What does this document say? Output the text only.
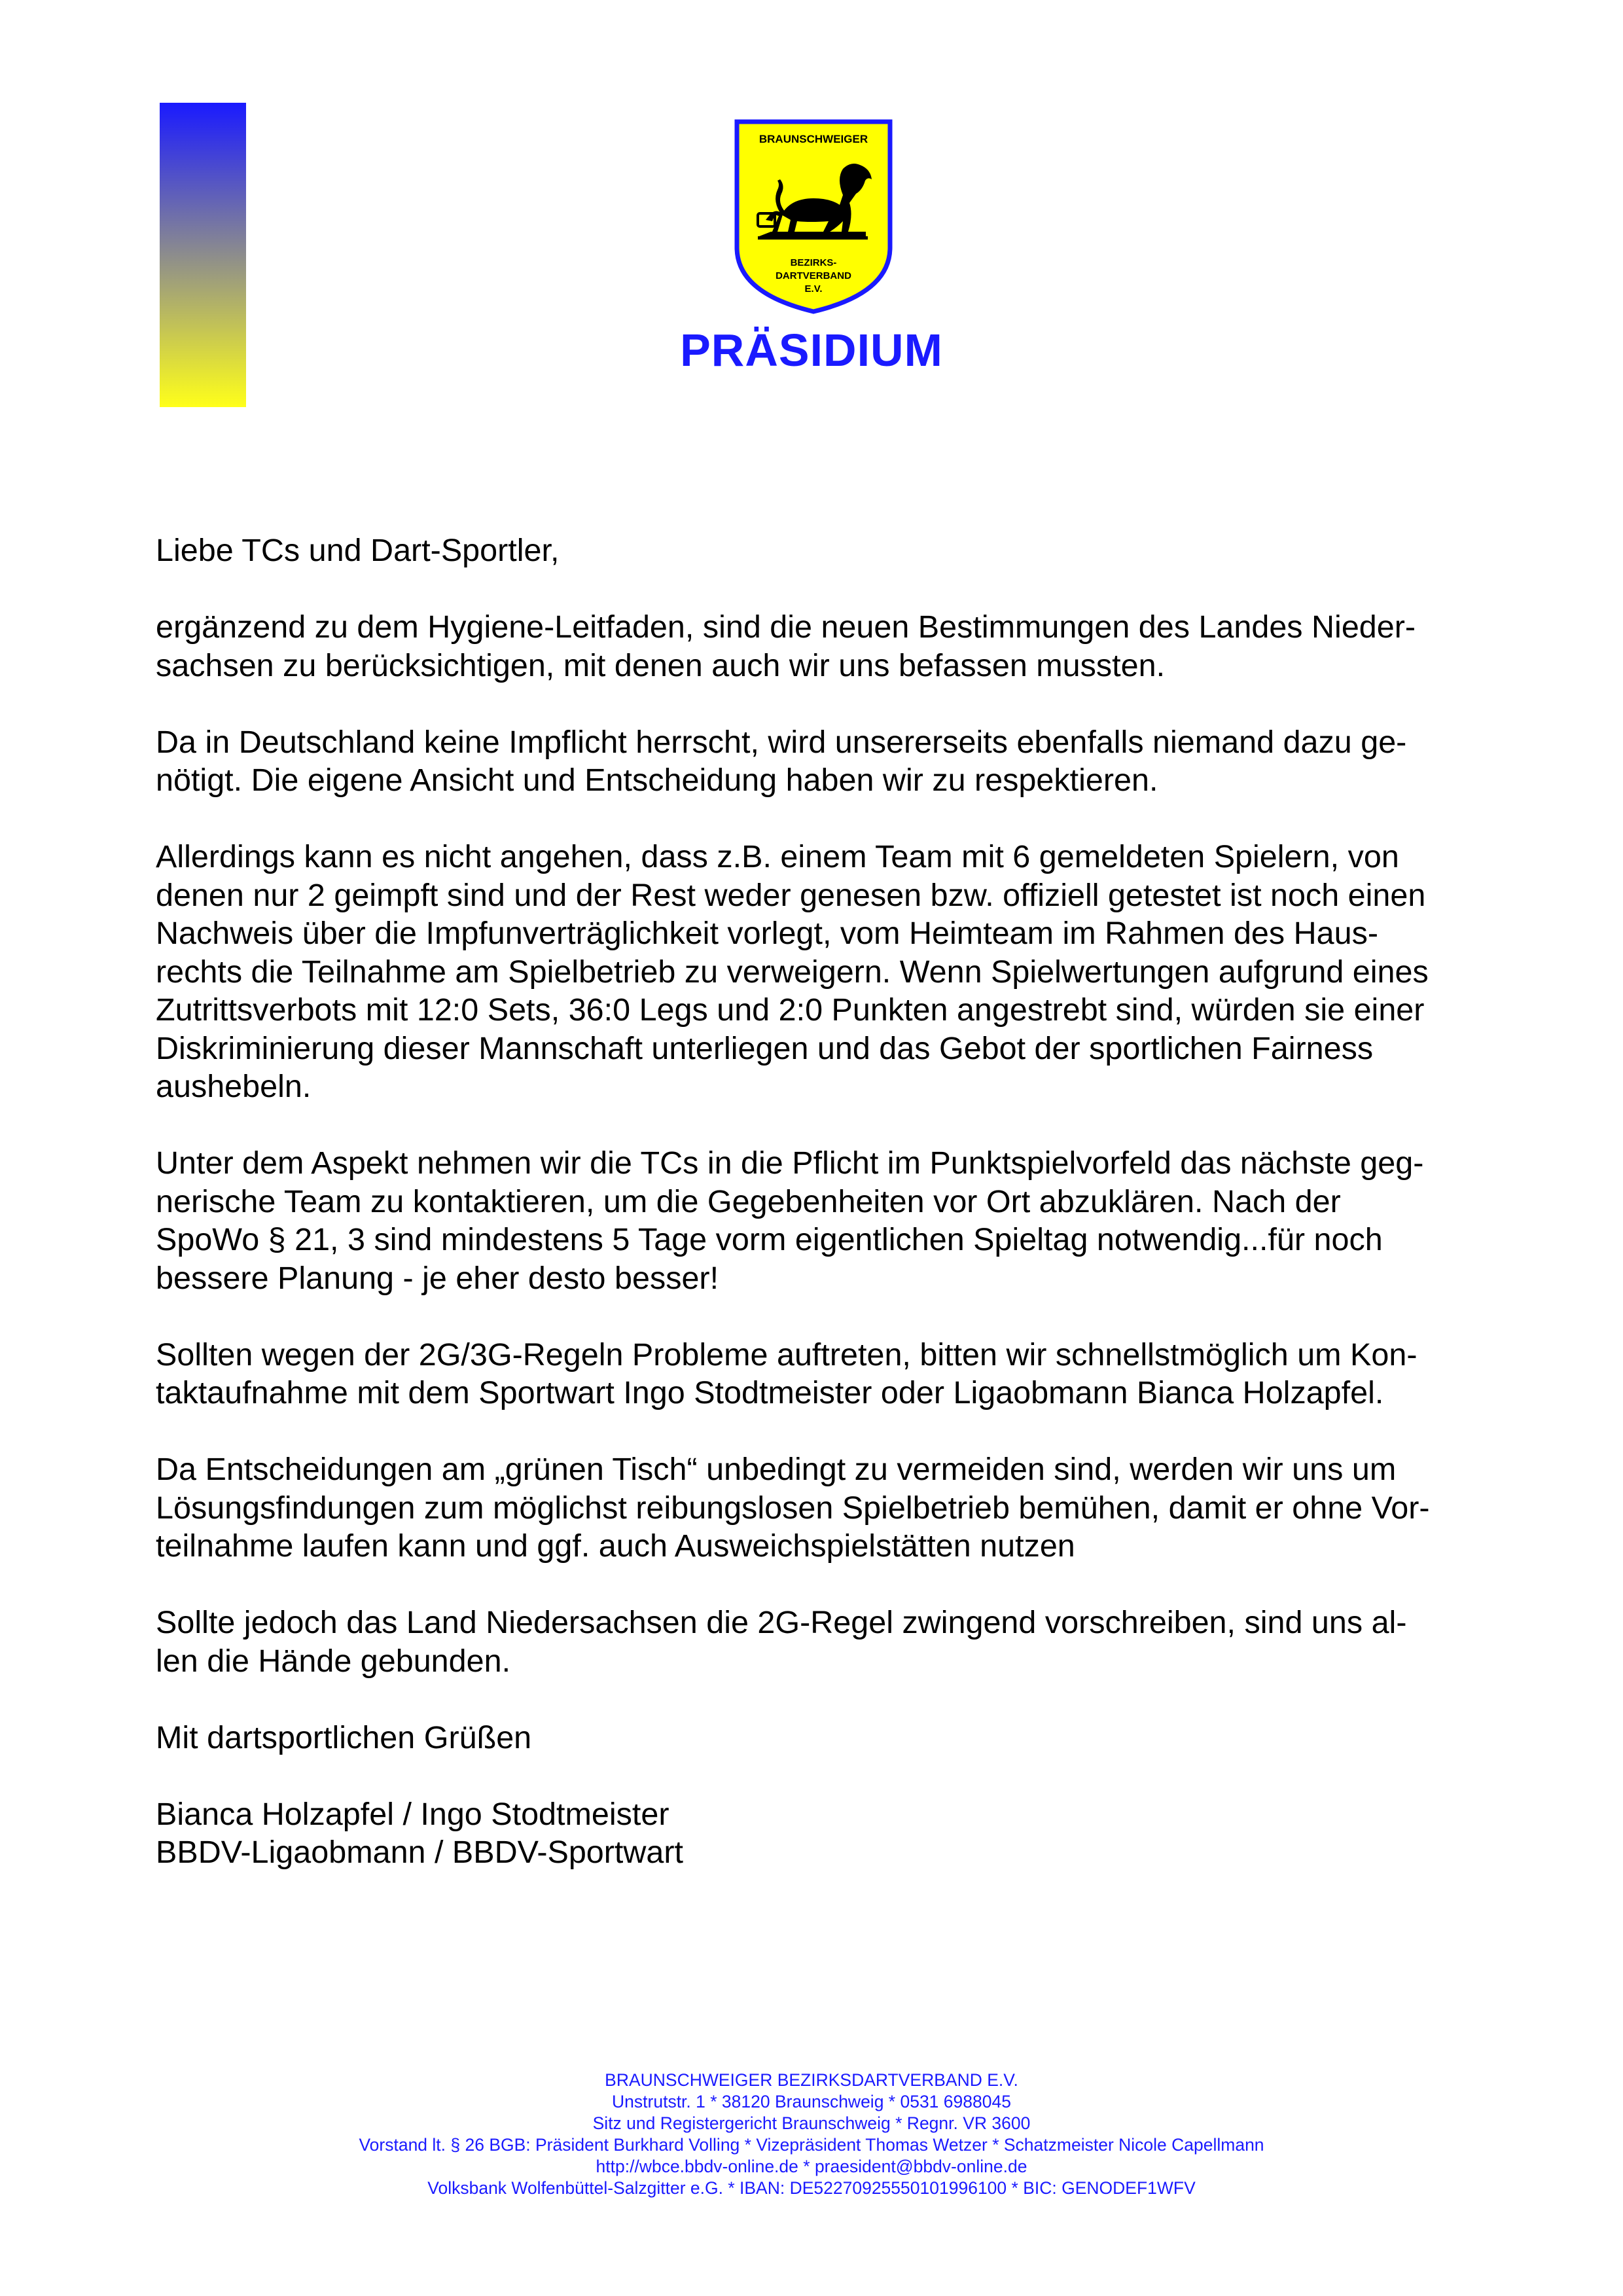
BRAUNSCHWEIGER
BEZIRKS-
DARTVERBAND
E.V.
PRÄSIDIUM

Liebe TCs und Dart-Sportler,

ergänzend zu dem Hygiene-Leitfaden, sind die neuen Bestimmungen des Landes Nieder-
sachsen zu berücksichtigen, mit denen auch wir uns befassen mussten.

Da in Deutschland keine Impflicht herrscht, wird unsererseits ebenfalls niemand dazu ge-
nötigt. Die eigene Ansicht und Entscheidung haben wir zu respektieren.

Allerdings kann es nicht angehen, dass z.B. einem Team mit 6 gemeldeten Spielern, von
denen nur 2 geimpft sind und der Rest weder genesen bzw. offiziell getestet ist noch einen
Nachweis über die Impfunverträglichkeit vorlegt, vom Heimteam im Rahmen des Haus-
rechts die Teilnahme am Spielbetrieb zu verweigern. Wenn Spielwertungen aufgrund eines
Zutrittsverbots mit 12:0 Sets, 36:0 Legs und 2:0 Punkten angestrebt sind, würden sie einer
Diskriminierung dieser Mannschaft unterliegen und das Gebot der sportlichen Fairness
aushebeln.

Unter dem Aspekt nehmen wir die TCs in die Pflicht im Punktspielvorfeld das nächste geg-
nerische Team zu kontaktieren, um die Gegebenheiten vor Ort abzuklären. Nach der
SpoWo § 21, 3 sind mindestens 5 Tage vorm eigentlichen Spieltag notwendig...für noch
bessere Planung - je eher desto besser!

Sollten wegen der 2G/3G-Regeln Probleme auftreten, bitten wir schnellstmöglich um Kon-
taktaufnahme mit dem Sportwart Ingo Stodtmeister oder Ligaobmann Bianca Holzapfel.

Da Entscheidungen am „grünen Tisch“ unbedingt zu vermeiden sind, werden wir uns um
Lösungsfindungen zum möglichst reibungslosen Spielbetrieb bemühen, damit er ohne Vor-
teilnahme laufen kann und ggf. auch Ausweichspielstätten nutzen

Sollte jedoch das Land Niedersachsen die 2G-Regel zwingend vorschreiben, sind uns al-
len die Hände gebunden.

Mit dartsportlichen Grüßen

Bianca Holzapfel / Ingo Stodtmeister
BBDV-Ligaobmann / BBDV-Sportwart

BRAUNSCHWEIGER BEZIRKSDARTVERBAND E.V.
Unstrutstr. 1 * 38120 Braunschweig * 0531 6988045
Sitz und Registergericht Braunschweig * Regnr. VR 3600
Vorstand lt. § 26 BGB: Präsident Burkhard Volling * Vizepräsident Thomas Wetzer * Schatzmeister Nicole Capellmann
http://wbce.bbdv-online.de * praesident@bbdv-online.de
Volksbank Wolfenbüttel-Salzgitter e.G. * IBAN: DE52270925550101996100 * BIC: GENODEF1WFV
